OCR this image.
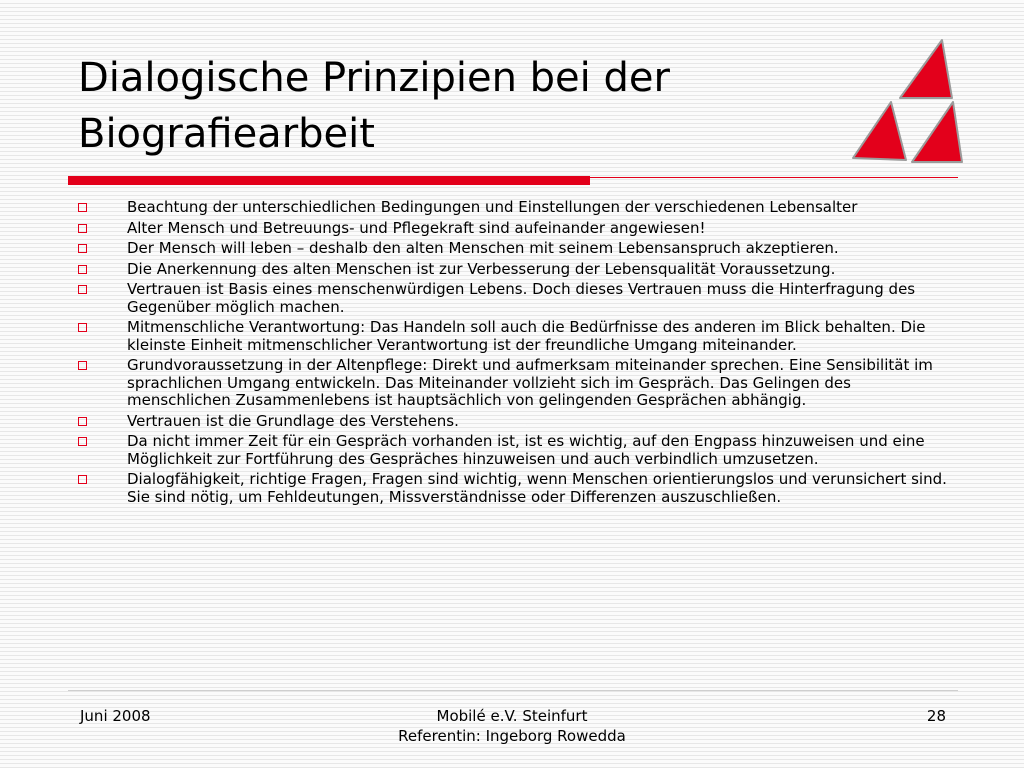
Dialogische Prinzipien bei der
Biografiearbeit
Beachtung der unterschiedlichen Bedingungen und Einstellungen der verschiedenen Lebensalter
Alter Mensch und Betreuungs- und Pflegekraft sind aufeinander angewiesen!
Der Mensch will leben – deshalb den alten Menschen mit seinem Lebensanspruch akzeptieren.
Die Anerkennung des alten Menschen ist zur Verbesserung der Lebensqualität Voraussetzung.
Vertrauen ist Basis eines menschenwürdigen Lebens. Doch dieses Vertrauen muss die Hinterfragung des Gegenüber möglich machen.
Mitmenschliche Verantwortung: Das Handeln soll auch die Bedürfnisse des anderen im Blick behalten. Die kleinste Einheit mitmenschlicher Verantwortung ist der freundliche Umgang miteinander.
Grundvoraussetzung in der Altenpflege: Direkt und aufmerksam miteinander sprechen. Eine Sensibilität im sprachlichen Umgang entwickeln. Das Miteinander vollzieht sich im Gespräch. Das Gelingen des menschlichen Zusammenlebens ist hauptsächlich von gelingenden Gesprächen abhängig.
Vertrauen ist die Grundlage des Verstehens.
Da nicht immer Zeit für ein Gespräch vorhanden ist, ist es wichtig, auf den Engpass hinzuweisen und eine Möglichkeit zur Fortführung des Gespräches hinzuweisen und auch verbindlich umzusetzen.
Dialogfähigkeit, richtige Fragen, Fragen sind wichtig, wenn Menschen orientierungslos und verunsichert sind. Sie sind nötig, um Fehldeutungen, Missverständnisse oder Differenzen auszuschließen.
Juni 2008	Mobilé e.V. Steinfurt
Referentin: Ingeborg Rowedda
28
